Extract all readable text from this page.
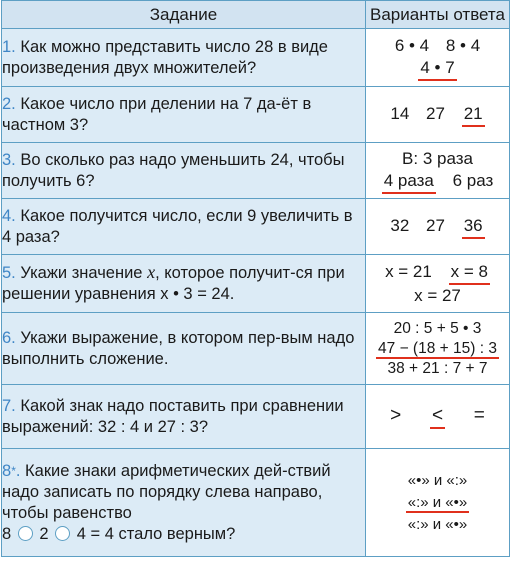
Задание	Варианты ответа
1. Как можно представить число 28 в виде произведения двух множителей?	6 • 4 8 • 4
4 • 7

2. Какое число при делении на 7 да-ёт в частном 3?	14 27 21
3. Во сколько раз надо уменьшить 24, чтобы получить 6?	В: 3 раза
4 раза 6 раз

4. Какое получится число, если 9 увеличить в 4 раза?	32 27 36
5. Укажи значение x, которое получит-ся при решении уравнения x • 3 = 24.	x = 21 x = 8
x = 27

6. Укажи выражение, в котором пер-вым надо выполнить сложение.	20 : 5 + 5 • 3
47 − (18 + 15) : 3
38 + 21 : 7 + 7

7. Какой знак надо поставить при сравнении выражений: 32 : 4 и 27 : 3?	> < =
8*. Какие знаки арифметических дей-ствий надо записать по порядку слева направо, чтобы равенство
8 2 4 = 4 стало верным?	«•» и «:»
«:» и «•»
«:» и «•»
